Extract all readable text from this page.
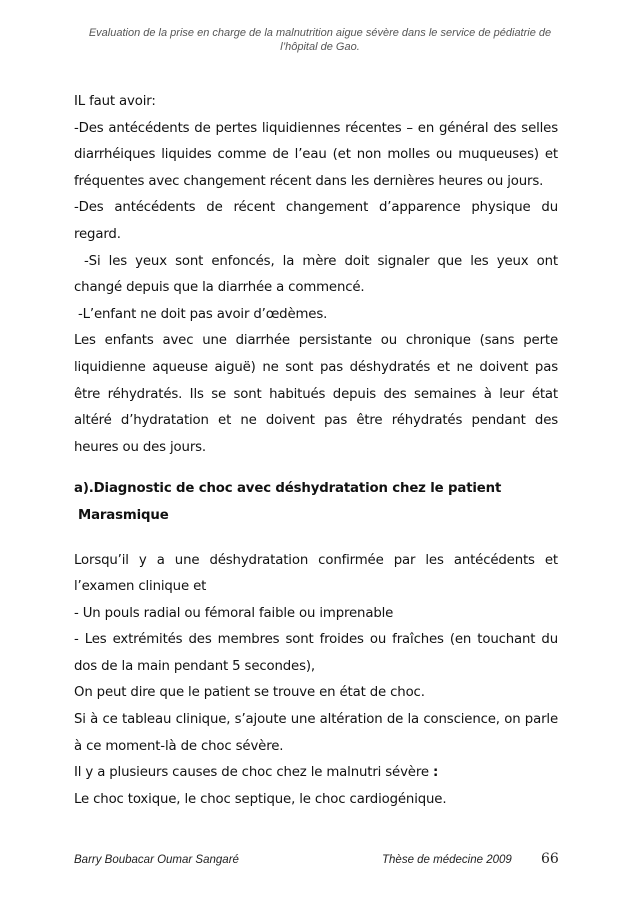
Evaluation de la prise en charge de la malnutrition aigue sévère dans le service de pédiatrie de
l’hôpital de Gao.

IL faut avoir:

-Des antécédents de pertes liquidiennes récentes – en général des selles diarrhéiques liquides comme de l’eau (et non molles ou muqueuses) et fréquentes avec changement récent dans les dernières heures ou jours.

-Des antécédents de récent changement d’apparence physique du regard.

-Si les yeux sont enfoncés, la mère doit signaler que les yeux ont changé depuis que la diarrhée a commencé.

-L’enfant ne doit pas avoir d’œdèmes.

Les enfants avec une diarrhée persistante ou chronique (sans perte liquidienne aqueuse aiguë) ne sont pas déshydratés et ne doivent pas être réhydratés. Ils se sont habitués depuis des semaines à leur état altéré d’hydratation et ne doivent pas être réhydratés pendant des heures ou des jours.

a).Diagnostic de choc avec déshydratation chez le patient
Marasmique

Lorsqu’il y a une déshydratation confirmée par les antécédents et l’examen clinique et

- Un pouls radial ou fémoral faible ou imprenable

- Les extrémités des membres sont froides ou fraîches (en touchant du dos de la main pendant 5 secondes),

On peut dire que le patient se trouve en état de choc.

Si à ce tableau clinique, s’ajoute une altération de la conscience, on parle à ce moment-là de choc sévère.

Il y a plusieurs causes de choc chez le malnutri sévère :

Le choc toxique, le choc septique, le choc cardiogénique.

Barry Boubacar Oumar Sangaré	Thèse de médecine 2009 66
